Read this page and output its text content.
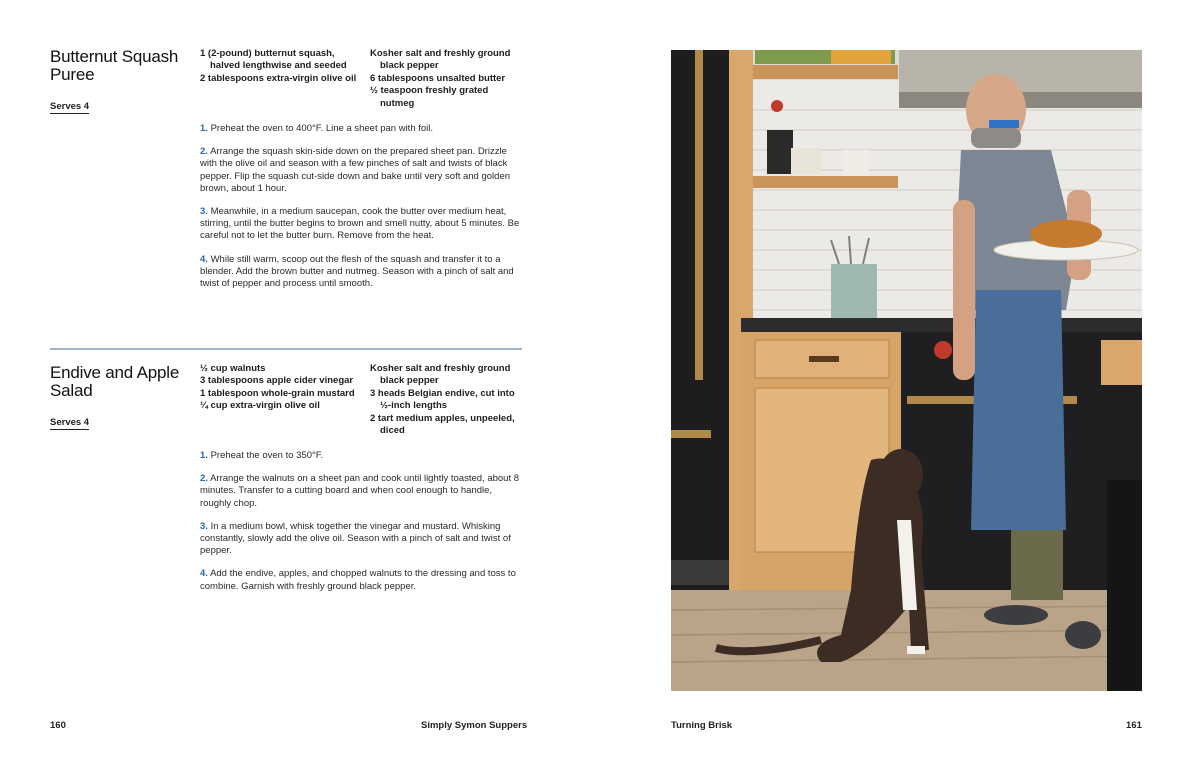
Butternut Squash Puree
Serves 4
1 (2-pound) butternut squash, halved lengthwise and seeded
2 tablespoons extra-virgin olive oil
Kosher salt and freshly ground black pepper
6 tablespoons unsalted butter
½ teaspoon freshly grated nutmeg
1. Preheat the oven to 400°F. Line a sheet pan with foil.
2. Arrange the squash skin-side down on the prepared sheet pan. Drizzle with the olive oil and season with a few pinches of salt and twists of black pepper. Flip the squash cut-side down and bake until very soft and golden brown, about 1 hour.
3. Meanwhile, in a medium saucepan, cook the butter over medium heat, stirring, until the butter begins to brown and smell nutty, about 5 minutes. Be careful not to let the butter burn. Remove from the heat.
4. While still warm, scoop out the flesh of the squash and transfer it to a blender. Add the brown butter and nutmeg. Season with a pinch of salt and twist of pepper and process until smooth.
Endive and Apple Salad
Serves 4
½ cup walnuts
3 tablespoons apple cider vinegar
1 tablespoon whole-grain mustard
¼ cup extra-virgin olive oil
Kosher salt and freshly ground black pepper
3 heads Belgian endive, cut into ½-inch lengths
2 tart medium apples, unpeeled, diced
1. Preheat the oven to 350°F.
2. Arrange the walnuts on a sheet pan and cook until lightly toasted, about 8 minutes. Transfer to a cutting board and when cool enough to handle, roughly chop.
3. In a medium bowl, whisk together the vinegar and mustard. Whisking constantly, slowly add the olive oil. Season with a pinch of salt and twist of pepper.
4. Add the endive, apples, and chopped walnuts to the dressing and toss to combine. Garnish with freshly ground black pepper.
160	Simply Symon Suppers	Turning Brisk	161
